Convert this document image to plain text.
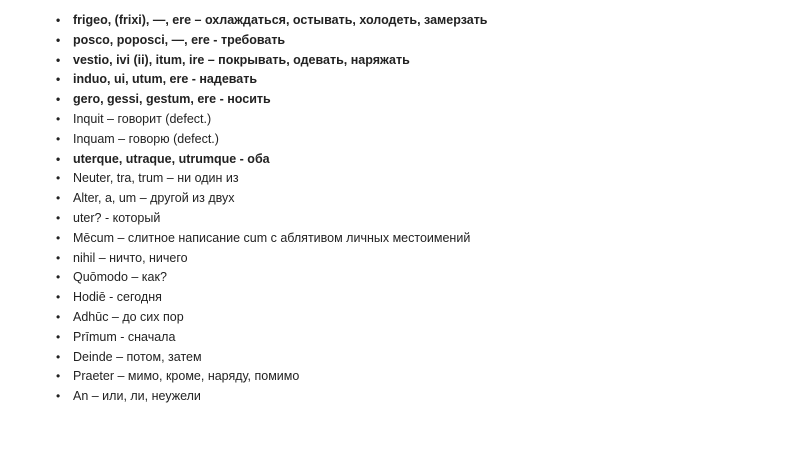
• frigeo, (frixi), —, ere – охлаждаться, остывать, холодеть, замерзать
• posco, poposci, —, ere - требовать
• vestio, ivi (ii), itum, ire – покрывать, одевать, наряжать
• induo, ui, utum, ere - надевать
• gero, gessi, gestum, ere - носить
• Inquit – говорит (defect.)
• Inquam – говорю (defect.)
• uterque, utraque, utrumque - оба
• Neuter, tra, trum – ни один из
• Alter, a, um – другой из двух
• uter? - который
• Mēcum – слитное написание cum с аблятивом личных местоимений
• nihil – ничто, ничего
• Quōmodo – как?
• Hodiē - сегодня
• Adhūc – до сих пор
• Prīmum - сначала
• Deinde – потом, затем
• Praeter – мимо, кроме, наряду, помимо
• An – или, ли, неужели
